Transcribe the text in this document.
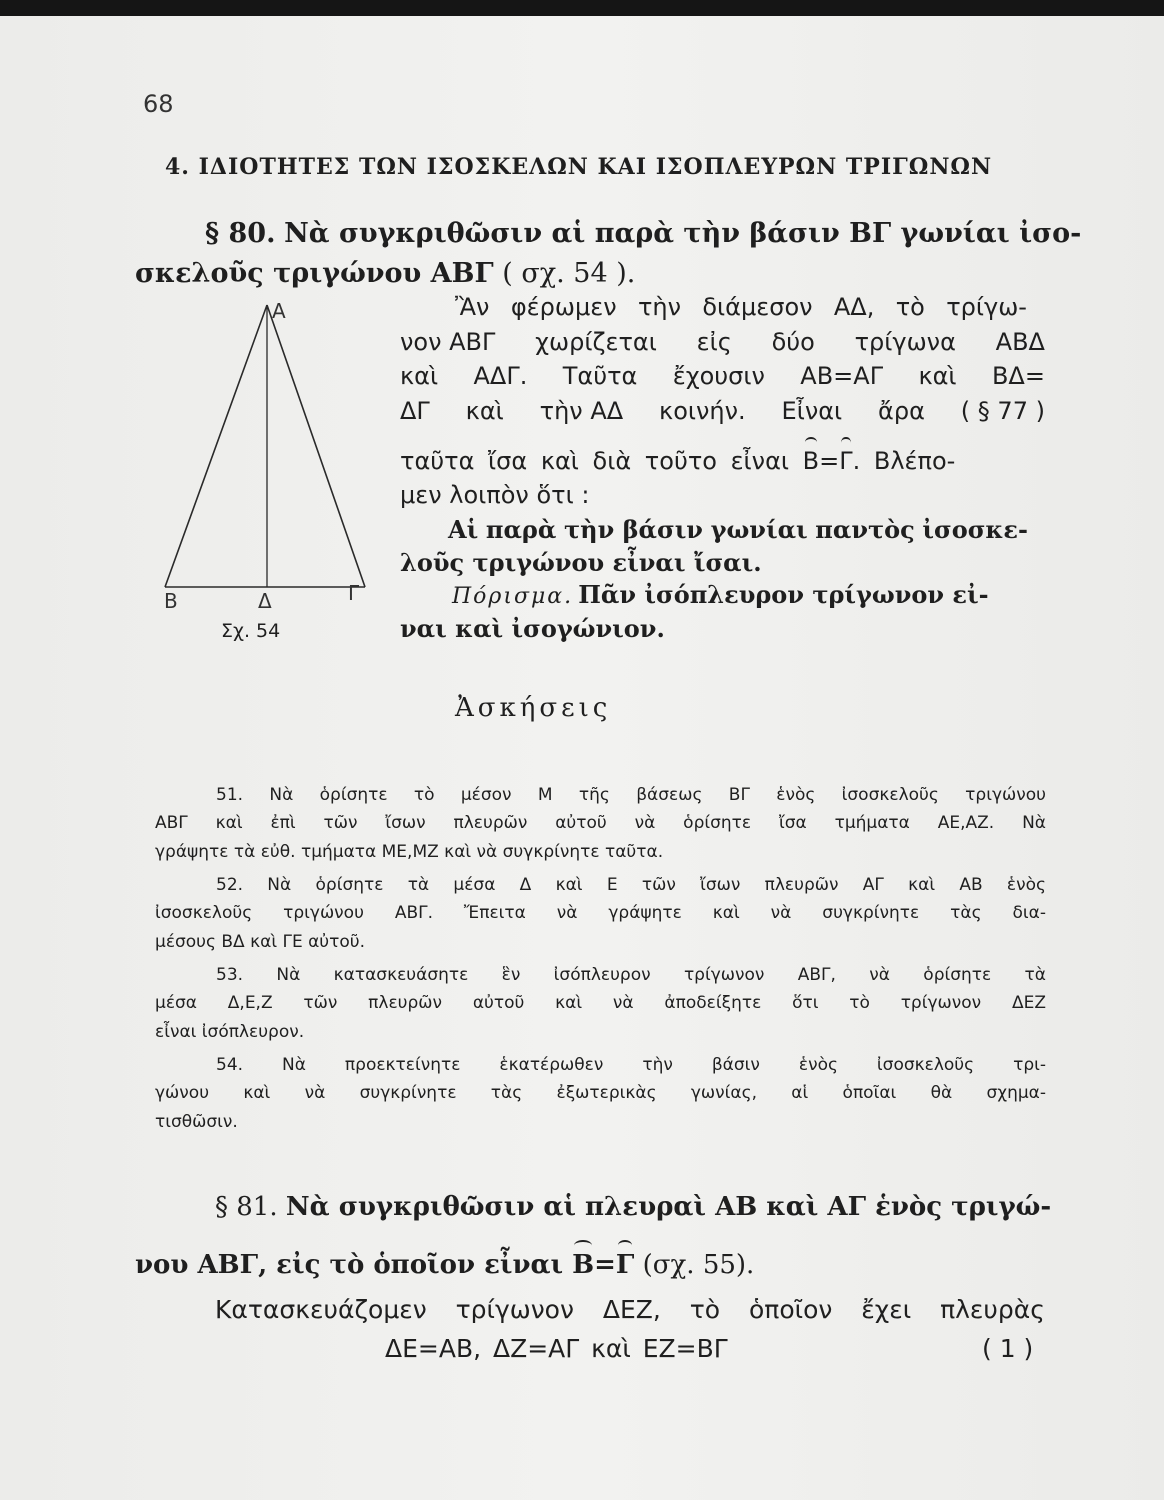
68
4. ΙΔΙΟΤΗΤΕΣ ΤΩΝ ΙΣΟΣΚΕΛΩΝ ΚΑΙ ΙΣΟΠΛΕΥΡΩΝ ΤΡΙΓΩΝΩΝ
§ 80. Νὰ συγκριθῶσιν αἱ παρὰ τὴν βάσιν ΒΓ γωνίαι ἰσο-
σκελοῦς τριγώνου ΑΒΓ ( σχ. 54 ).
Α
Β	Δ	Γ
Σχ. 54
Ἂν φέρωμεν τὴν διάμεσον ΑΔ, τὸ τρίγω-
νον ΑΒΓ χωρίζεται εἰς δύο τρίγωνα ΑΒΔ
καὶ ΑΔΓ. Ταῦτα ἔχουσιν ΑΒ=ΑΓ καὶ ΒΔ=
ΔΓ καὶ τὴν ΑΔ κοινήν. Εἶναι ἄρα ( § 77 )
ταῦτα ἴσα καὶ διὰ τοῦτο εἶναι Β=Γ. Βλέπο-
μεν λοιπὸν ὅτι :
Αἱ παρὰ τὴν βάσιν γωνίαι παντὸς ἰσοσκε-
λοῦς τριγώνου εἶναι ἴσαι.
Πόρισμα. Πᾶν ἰσόπλευρον τρίγωνον εἰ-
ναι καὶ ἰσογώνιον.
Ἀσκήσεις
51. Νὰ ὁρίσητε τὸ μέσον Μ τῆς βάσεως ΒΓ ἑνὸς ἰσοσκελοῦς τριγώνου
ΑΒΓ καὶ ἐπὶ τῶν ἴσων πλευρῶν αὐτοῦ νὰ ὁρίσητε ἴσα τμήματα ΑΕ,ΑΖ. Νὰ
γράψητε τὰ εὐθ. τμήματα ΜΕ,ΜΖ καὶ νὰ συγκρίνητε ταῦτα.
52. Νὰ ὁρίσητε τὰ μέσα Δ καὶ Ε τῶν ἴσων πλευρῶν ΑΓ καὶ ΑΒ ἑνὸς
ἰσοσκελοῦς τριγώνου ΑΒΓ. Ἔπειτα νὰ γράψητε καὶ νὰ συγκρίνητε τὰς δια-
μέσους ΒΔ καὶ ΓΕ αὐτοῦ.
53. Νὰ κατασκευάσητε ἓν ἰσόπλευρον τρίγωνον ΑΒΓ, νὰ ὁρίσητε τὰ
μέσα Δ,Ε,Ζ τῶν πλευρῶν αὐτοῦ καὶ νὰ ἀποδείξητε ὅτι τὸ τρίγωνον ΔΕΖ
εἶναι ἰσόπλευρον.
54. Νὰ προεκτείνητε ἑκατέρωθεν τὴν βάσιν ἑνὸς ἰσοσκελοῦς τρι-
γώνου καὶ νὰ συγκρίνητε τὰς ἐξωτερικὰς γωνίας, αἱ ὁποῖαι θὰ σχημα-
τισθῶσιν.
§ 81. Νὰ συγκριθῶσιν αἱ πλευραὶ ΑΒ καὶ ΑΓ ἑνὸς τριγώ-
νου ΑΒΓ, εἰς τὸ ὁποῖον εἶναι Β=Γ (σχ. 55).
Κατασκευάζομεν τρίγωνον ΔΕΖ, τὸ ὁποῖον ἔχει πλευρὰς
ΔΕ=ΑΒ, ΔΖ=ΑΓ καὶ ΕΖ=ΒΓ	( 1 )
